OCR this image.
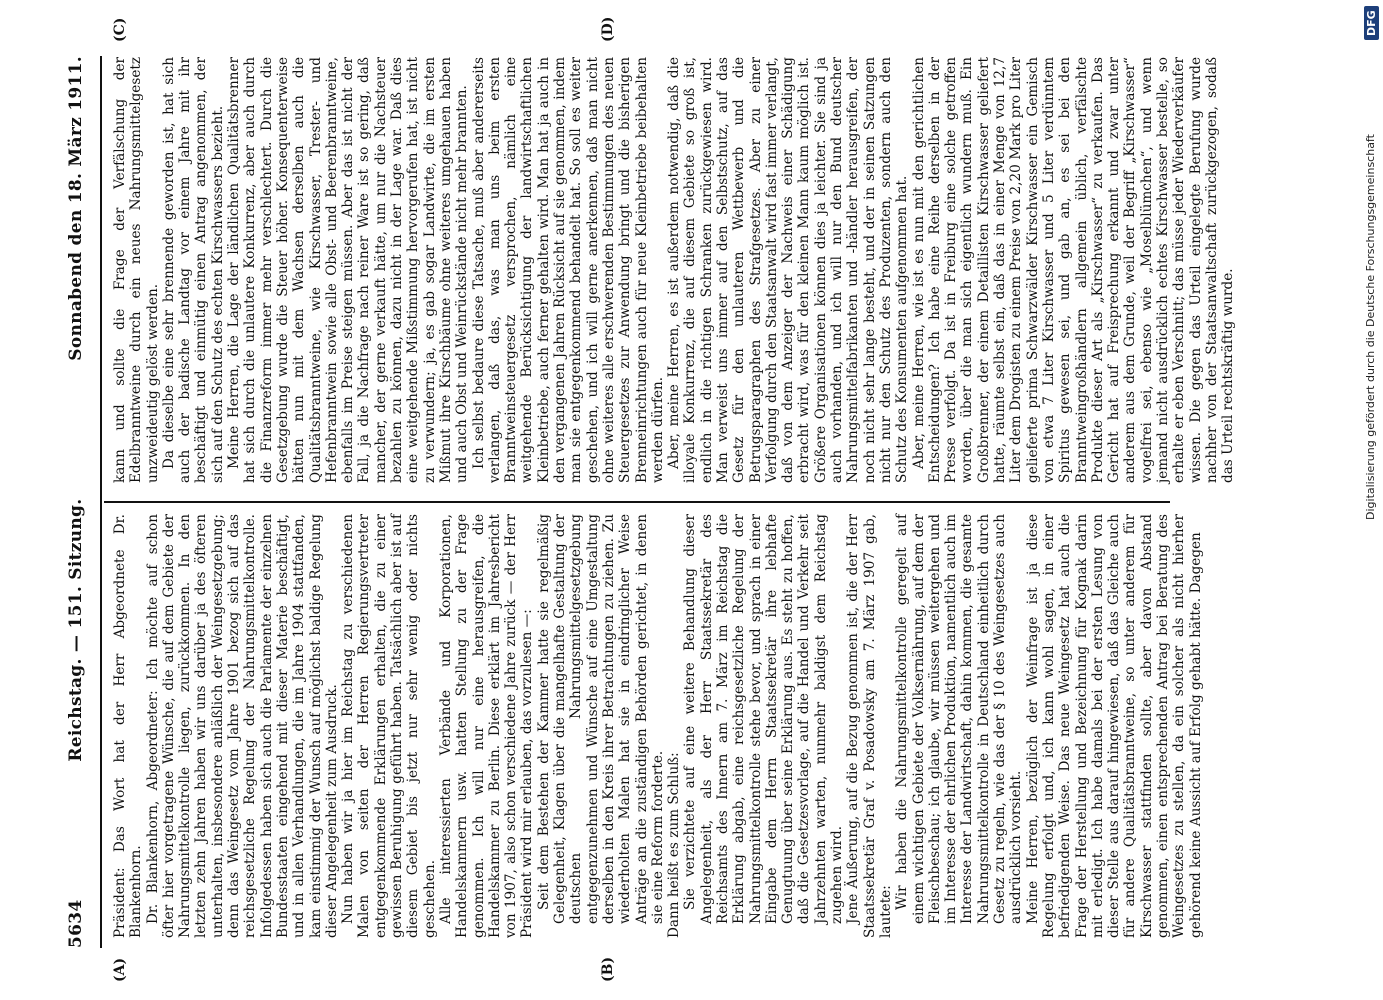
5634
Reichstag. — 151. Sitzung.
Sonnabend den 18. März 1911.
(A)	(B)
(C)	(D)

Präsident: Das Wort hat der Herr Abgeordnete Dr. Blankenhorn. Dr. Blankenhorn, Abgeordneter: Ich möchte auf schon öfter hier vorgetragene Wünsche, die auf dem Gebiete der Nahrungsmittelkontrolle liegen, zurückkommen. In den letzten zehn Jahren haben wir uns darüber ja des öfteren unterhalten, insbesondere anläßlich der Weingesetzgebung; denn das Weingesetz vom Jahre 1901 bezog sich auf das reichsgesetzliche Regelung der Nahrungsmittelkontrolle. Infolgedessen haben sich auch die Parlamente der einzelnen Bundesstaaten eingehend mit dieser Materie beschäftigt, und in allen Verhandlungen, die im Jahre 1904 stattfanden, kam einstimmig der Wunsch auf möglichst baldige Regelung dieser Angelegenheit zum Ausdruck. Nun haben wir ja hier im Reichstag zu verschiedenen Malen von seiten der Herren Regierungsvertreter entgegenkommende Erklärungen erhalten, die zu einer gewissen Beruhigung geführt haben. Tatsächlich aber ist auf diesem Gebiet bis jetzt nur sehr wenig oder nichts geschehen. Alle interessierten Verbände und Korporationen, Handelskammern usw. hatten Stellung zu der Frage genommen. Ich will nur eine herausgreifen, die Handelskammer zu Berlin. Diese erklärt im Jahresbericht von 1907, also schon verschiedene Jahre zurück — der Herr Präsident wird mir erlauben, das vorzulesen —: Seit dem Bestehen der Kammer hatte sie regelmäßig Gelegenheit, Klagen über die mangelhafte Gestaltung der deutschen Nahrungsmittelgesetzgebung entgegenzunehmen und Wünsche auf eine Umgestaltung derselben in den Kreis ihrer Betrachtungen zu ziehen. Zu wiederholten Malen hat sie in eindringlicher Weise Anträge an die zuständigen Behörden gerichtet, in denen sie eine Reform forderte. Dann heißt es zum Schluß: Sie verzichtete auf eine weitere Behandlung dieser Angelegenheit, als der Herr Staatssekretär des Reichsamts des Innern am 7. März im Reichstag die Erklärung abgab, eine reichsgesetzliche Regelung der Nahrungsmittelkontrolle stehe bevor, und sprach in einer Eingabe dem Herrn Staatssekretär ihre lebhafte Genugtuung über seine Erklärung aus. Es steht zu hoffen, daß die Gesetzesvorlage, auf die Handel und Verkehr seit Jahrzehnten warten, nunmehr baldigst dem Reichstag zugehen wird. Jene Äußerung, auf die Bezug genommen ist, die der Herr Staatssekretär Graf v. Posadowsky am 7. März 1907 gab, lautete:

Wir haben die Nahrungsmittelkontrolle geregelt auf einem wichtigen Gebiete der Volksernährung, auf dem der Fleischbeschau; ich glaube, wir müssen weitergehen und im Interesse der ehrlichen Produktion, namentlich auch im Interesse der Landwirtschaft, dahin kommen, die gesamte Nahrungsmittelkontrolle in Deutschland einheitlich durch Gesetz zu regeln, wie das der § 10 des Weingesetzes auch ausdrücklich vorsieht. Meine Herren, bezüglich der Weinfrage ist ja diese Regelung erfolgt und, ich kann wohl sagen, in einer befriedigenden Weise. Das neue Weingesetz hat auch die Frage der Herstellung und Bezeichnung für Kognak darin mit erledigt. Ich habe damals bei der ersten Lesung von dieser Stelle aus darauf hingewiesen, daß das Gleiche auch für andere Qualitätsbranntweine, so unter anderem für Kirschwasser stattfinden sollte, aber davon Abstand genommen, einen entsprechenden Antrag bei Beratung des Weingesetzes zu stellen, da ein solcher als nicht hierher gehörend keine Aussicht auf Erfolg gehabt hätte. Dagegen

kann und sollte die Frage der Verfälschung der Edelbranntweine durch ein neues Nahrungsmittelgesetz unzweideutig gelöst werden. Da dieselbe eine sehr brennende geworden ist, hat sich auch der badische Landtag vor einem Jahre mit ihr beschäftigt und einmütig einen Antrag angenommen, der sich auf den Schutz des echten Kirschwassers bezieht. Meine Herren, die Lage der ländlichen Qualitätsbrenner hat sich durch die unlautere Konkurrenz, aber auch durch die Finanzreform immer mehr verschlechtert. Durch die Gesetzgebung wurde die Steuer höher. Konsequenterweise hätten nun mit dem Wachsen derselben auch die Qualitätsbranntweine, wie Kirschwasser, Trester- und Hefenbranntwein sowie alle Obst- und Beerenbranntweine, ebenfalls im Preise steigen müssen. Aber das ist nicht der Fall, ja die Nachfrage nach reiner Ware ist so gering, daß mancher, der gerne verkauft hätte, um nur die Nachsteuer bezahlen zu können, dazu nicht in der Lage war. Daß dies eine weitgehende Mißstimmung hervorgerufen hat, ist nicht zu verwundern; ja, es gab sogar Landwirte, die im ersten Mißmut ihre Kirschbäume ohne weiteres umgehauen haben und auch Obst und Weinrückstände nicht mehr brannten. Ich selbst bedaure diese Tatsache, muß aber andererseits verlangen, daß das, was man uns beim ersten Branntweinsteuergesetz versprochen, nämlich eine weitgehende Berücksichtigung der landwirtschaftlichen Kleinbetriebe, auch ferner gehalten wird. Man hat ja auch in den vergangenen Jahren Rücksicht auf sie genommen, indem man sie entgegenkommend behandelt hat. So soll es weiter geschehen, und ich will gerne anerkennen, daß man nicht ohne weiteres alle erschwerenden Bestimmungen des neuen Steuergesetzes zur Anwendung bringt und die bisherigen Brenneinrichtungen auch für neue Kleinbetriebe beibehalten werden dürfen. Aber, meine Herren, es ist außerdem notwendig, daß die illoyale Konkurrenz, die auf diesem Gebiete so groß ist, endlich in die richtigen Schranken zurückgewiesen wird. Man verweist uns immer auf den Selbstschutz, auf das Gesetz für den unlauteren Wettbewerb und die Betrugsparagraphen des Strafgesetzes. Aber zu einer Verfolgung durch den Staatsanwalt wird fast immer verlangt, daß von dem Anzeiger der Nachweis einer Schädigung erbracht wird, was für den kleinen Mann kaum möglich ist. Größere Organisationen können dies ja leichter. Sie sind ja auch vorhanden, und ich will nur den Bund deutscher Nahrungsmittelfabrikanten und -händler herausgreifen, der noch nicht sehr lange besteht, und der in seinen Satzungen nicht nur den Schutz des Produzenten, sondern auch den Schutz des Konsumenten aufgenommen hat. Aber, meine Herren, wie ist es nun mit den gerichtlichen Entscheidungen? Ich habe eine Reihe derselben in der Presse verfolgt. Da ist in Freiburg eine solche getroffen worden, über die man sich eigentlich wundern muß. Ein Großbrenner, der einem Detaillisten Kirschwasser geliefert hatte, räumte selbst ein, daß das in einer Menge von 12,7 Liter dem Drogisten zu einem Preise von 2,20 Mark pro Liter gelieferte prima Schwarzwälder Kirschwasser ein Gemisch von etwa 7 Liter Kirschwasser und 5 Liter verdünntem Spiritus gewesen sei, und gab an, es sei bei den Branntweingroßhändlern allgemein üblich, verfälschte Produkte dieser Art als „Kirschwasser“ zu verkaufen. Das Gericht hat auf Freisprechung erkannt und zwar unter anderem aus dem Grunde, weil der Begriff „Kirschwasser“ vogelfrei sei, ebenso wie „Moselblümchen“, und wenn jemand nicht ausdrücklich echtes Kirschwasser bestelle, so erhalte er eben Verschnitt; das müsse jeder Wiederverkäufer wissen. Die gegen das Urteil eingelegte Berufung wurde nachher von der Staatsanwaltschaft zurückgezogen, sodaß das Urteil rechtskräftig wurde.

DFG
Digitalisierung gefördert durch die Deutsche Forschungsgemeinschaft
